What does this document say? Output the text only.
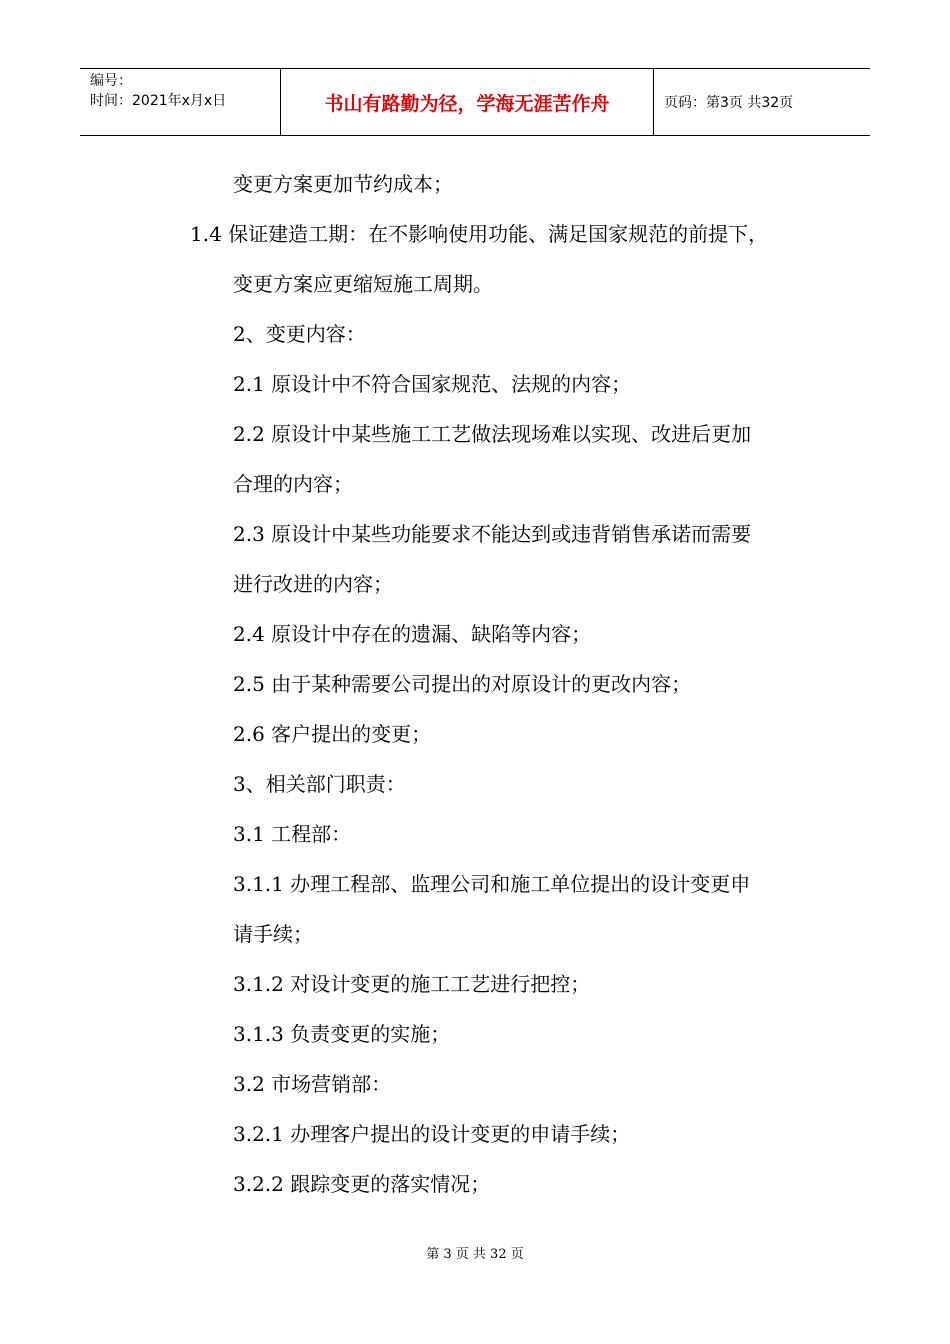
编号：
时间：2021年x月x日	书山有路勤为径，学海无涯苦作舟	页码：第3页 共32页
变更方案更加节约成本；
1.4 保证建造工期：在不影响使用功能、满足国家规范的前提下，
变更方案应更缩短施工周期。
2、变更内容：
2.1 原设计中不符合国家规范、法规的内容；
2.2 原设计中某些施工工艺做法现场难以实现、改进后更加
合理的内容；
2.3 原设计中某些功能要求不能达到或违背销售承诺而需要
进行改进的内容；
2.4 原设计中存在的遗漏、缺陷等内容；
2.5 由于某种需要公司提出的对原设计的更改内容；
2.6 客户提出的变更；
3、相关部门职责：
3.1 工程部：
3.1.1 办理工程部、监理公司和施工单位提出的设计变更申
请手续；
3.1.2 对设计变更的施工工艺进行把控；
3.1.3 负责变更的实施；
3.2 市场营销部：
3.2.1 办理客户提出的设计变更的申请手续；
3.2.2 跟踪变更的落实情况；
第 3 页 共 32 页
